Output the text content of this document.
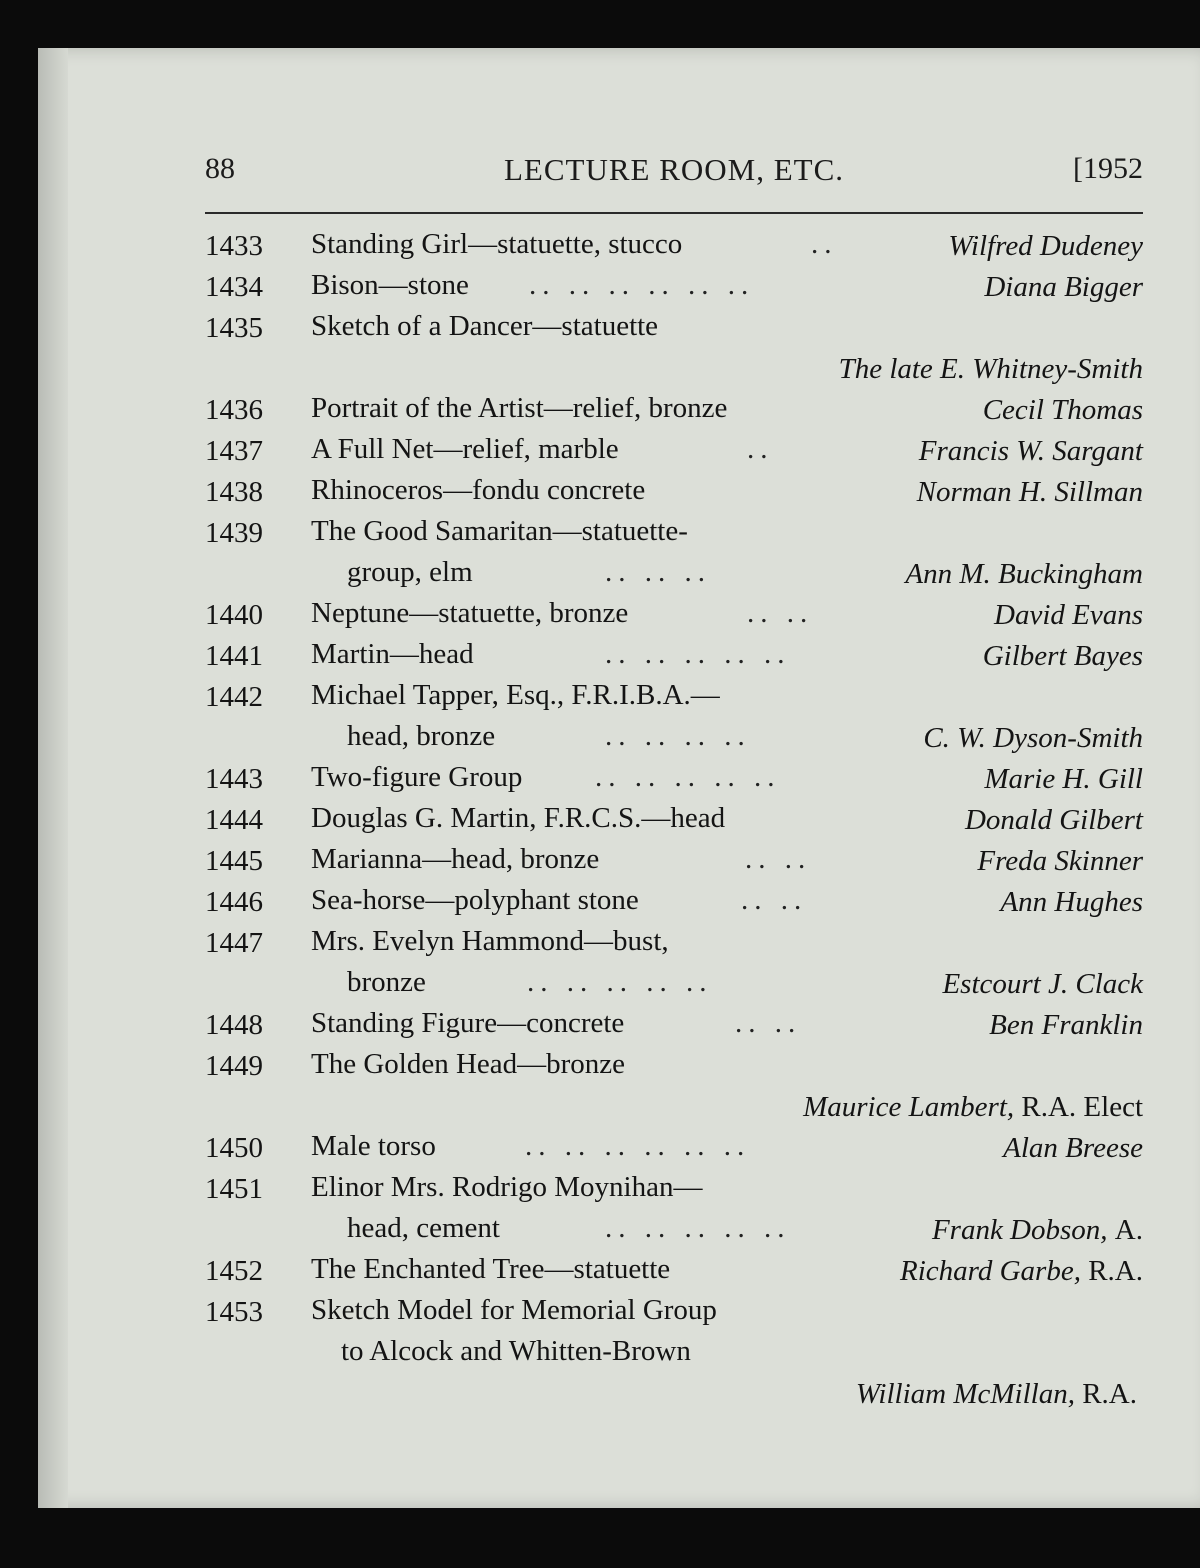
88	LECTURE ROOM, ETC.	[1952
1433 Standing Girl—statuette, stucco	..	Wilfred Dudeney
1434 Bison—stone .. .. .. .. .. ..	Diana Bigger
1435 Sketch of a Dancer—statuette
The late E. Whitney-Smith
1436 Portrait of the Artist—relief, bronze	Cecil Thomas
1437 A Full Net—relief, marble	..	Francis W. Sargant
1438 Rhinoceros—fondu concrete	Norman H. Sillman
1439 The Good Samaritan—statuette-
group, elm	.. .. ..	Ann M. Buckingham
1440 Neptune—statuette, bronze	.. ..	David Evans
1441 Martin—head	.. .. .. .. ..	Gilbert Bayes
1442 Michael Tapper, Esq., F.R.I.B.A.—
head, bronze	.. .. .. ..	C. W. Dyson-Smith
1443 Two-figure Group	.. .. .. .. ..	Marie H. Gill
1444 Douglas G. Martin, F.R.C.S.—head	Donald Gilbert
1445 Marianna—head, bronze	.. ..	Freda Skinner
1446 Sea-horse—polyphant stone	.. ..	Ann Hughes
1447 Mrs. Evelyn Hammond—bust,
bronze	.. .. .. .. ..	Estcourt J. Clack
1448 Standing Figure—concrete	.. ..	Ben Franklin
1449 The Golden Head—bronze
Maurice Lambert, R.A. Elect
1450 Male torso	.. .. .. .. .. ..	Alan Breese
1451 Elinor Mrs. Rodrigo Moynihan—
head, cement	.. .. .. .. ..	Frank Dobson, A.
1452 The Enchanted Tree—statuette	Richard Garbe, R.A.
1453 Sketch Model for Memorial Group
to Alcock and Whitten-Brown
William McMillan, R.A.
